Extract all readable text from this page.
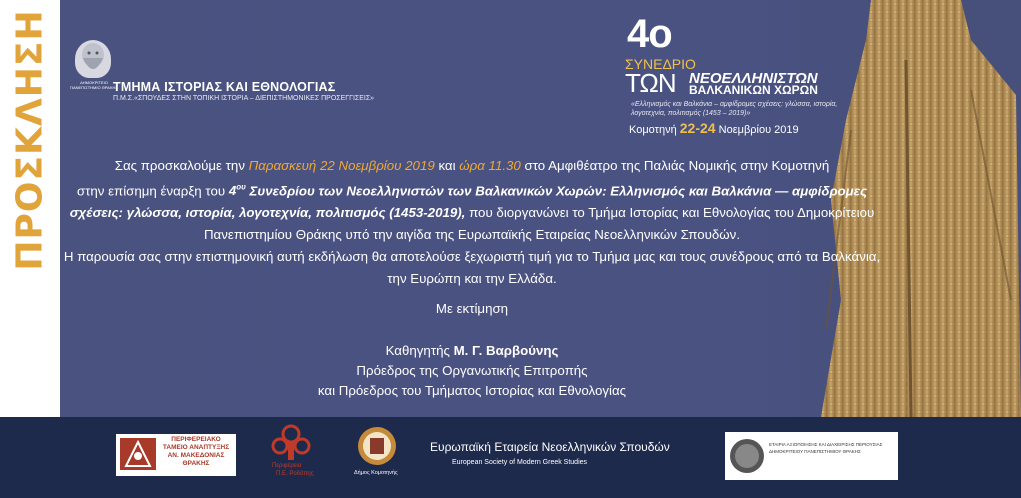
ΠΡΟΣΚΛΗΣΗ	ΔΗΜΟΚΡΙΤΕΙΟ ΠΑΝΕΠΙΣΤΗΜΙΟ ΘΡΑΚΗΣ
ΤΜΗΜΑ ΙΣΤΟΡΙΑΣ ΚΑΙ ΕΘΝΟΛΟΓΙΑΣ
Π.Μ.Σ.«ΣΠΟΥΔΕΣ ΣΤΗΝ ΤΟΠΙΚΗ ΙΣΤΟΡΙΑ – ΔΙΕΠΙΣΤΗΜΟΝΙΚΕΣ ΠΡΟΣΕΓΓΙΣΕΙΣ»
4ο
ΣΥΝΕΔΡΙΟ
ΤΩΝ ΝΕΟΕΛΛΗΝΙΣΤΩΝ
ΒΑΛΚΑΝΙΚΩΝ ΧΩΡΩΝ
«Ελληνισμός και Βαλκάνια – αμφίδρομες σχέσεις: γλώσσα, ιστορία, λογοτεχνία, πολιτισμός (1453 – 2019)»
Κομοτηνή 22-24 Νοεμβρίου 2019
Σας προσκαλούμε την Παρασκευή 22 Νοεμβρίου 2019 και ώρα 11.30 στο Αμφιθέατρο της Παλιάς Νομικής στην Κομοτηνή
στην επίσημη έναρξη του $4^{o\upsilon}$ Συνεδρίου των Νεοελληνιστών των Βαλκανικών Χωρών: Ελληνισμός και Βαλκάνια — αμφίδρομες σχέσεις: γλώσσα, ιστορία, λογοτεχνία, πολιτισμός (1453-2019), που διοργανώνει το Τμήμα Ιστορίας και Εθνολογίας του Δημοκρίτειου Πανεπιστημίου Θράκης υπό την αιγίδα της Ευρωπαϊκής Εταιρείας Νεοελληνικών Σπουδών.
Η παρουσία σας στην επιστημονική αυτή εκδήλωση θα αποτελούσε ξεχωριστή τιμή για το Τμήμα μας και τους συνέδρους από τα Βαλκάνια, την Ευρώπη και την Ελλάδα.
Με εκτίμηση
Καθηγητής Μ. Γ. Βαρβούνης
Πρόεδρος της Οργανωτικής Επιτροπής
και Πρόεδρος του Τμήματος Ιστορίας και Εθνολογίας
ΠΕΡΙΦΕΡΕΙΑΚΟ ΤΑΜΕΙΟ ΑΝΑΠΤΥΞΗΣ ΑΝ. ΜΑΚΕΔΟΝΙΑΣ ΘΡΑΚΗΣ	Περιφέρεια
Π.Ε. Ροδόπης	Δήμος Κομοτηνής
Ευρωπαϊκή Εταιρεία Νεοελληνικών Σπουδών
European Society of Modern Greek Studies
ΕΤΑΙΡΙΑ ΑΞΙΟΠΟΙΗΣΗΣ ΚΑΙ ΔΙΑΧΕΙΡΙΣΗΣ ΠΕΡΙΟΥΣΙΑΣ
ΔΗΜΟΚΡΙΤΕΙΟΥ ΠΑΝΕΠΙΣΤΗΜΙΟΥ ΘΡΑΚΗΣ
